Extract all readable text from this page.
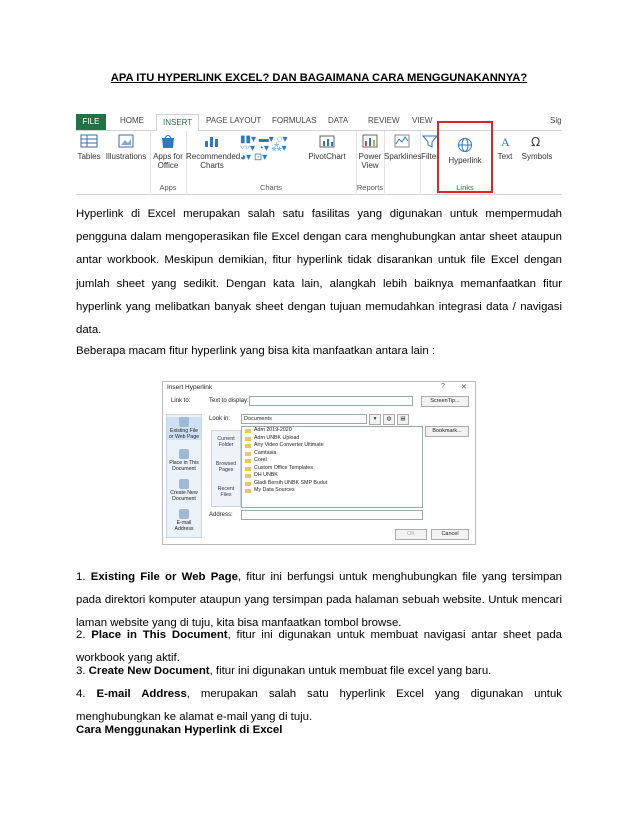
APA ITU HYPERLINK EXCEL? DAN BAGAIMANA CARA MENGGUNAKANNYA?
FILE	HOME	INSERT	PAGE LAYOUT FORMULAS DATA REVIEW VIEW	Sig
Tables Illustrations Apps for Office
Apps
Recommended Charts
▮▮▾ ▬▾ ◌▾
〰▾ ◔▾ ⁂▾
◕▾ ⊡▾	PivotChart
Charts
Power View
Reports
Sparklines Filter	Hyperlink
Links
A
Text
Ω
Symbols
Hyperlink di Excel merupakan salah satu fasilitas yang digunakan untuk mempermudah pengguna dalam mengoperasikan file Excel dengan cara menghubungkan antar sheet ataupun antar workbook. Meskipun demikian, fitur hyperlink tidak disarankan untuk file Excel dengan jumlah sheet yang sedikit. Dengan kata lain, alangkah lebih baiknya memanfaatkan fitur hyperlink yang melibatkan banyak sheet dengan tujuan memudahkan integrasi data / navigasi data.
Beberapa macam fitur hyperlink yang bisa kita manfaatkan antara lain :
Insert Hyperlink	? ✕
Link to:	Text to display:	ScreenTip...
Existing File or Web Page
Place in This Document
Create New Document
E-mail Address
Look in:	Documents	▾	◍	▤
Current Folder
Browsed Pages
Recent Files
Adm 2019-2020
Adm UNBK Upload
Any Video Converter Ultimate
Camtasia
Corel
Custom Office Templates
DH UNBK
Gladi Bersih UNBK SMP Budut
My Data Sources
Bookmark...
Address:
OK	Cancel
1. Existing File or Web Page, fitur ini berfungsi untuk menghubungkan file yang tersimpan pada direktori komputer ataupun yang tersimpan pada halaman sebuah website. Untuk mencari laman website yang di tuju, kita bisa manfaatkan tombol browse.
2. Place in This Document, fitur ini digunakan untuk membuat navigasi antar sheet pada workbook yang aktif.
3. Create New Document, fitur ini digunakan untuk membuat file excel yang baru.
4. E-mail Address, merupakan salah satu hyperlink Excel yang digunakan untuk menghubungkan ke alamat e-mail yang di tuju.
Cara Menggunakan Hyperlink di Excel
